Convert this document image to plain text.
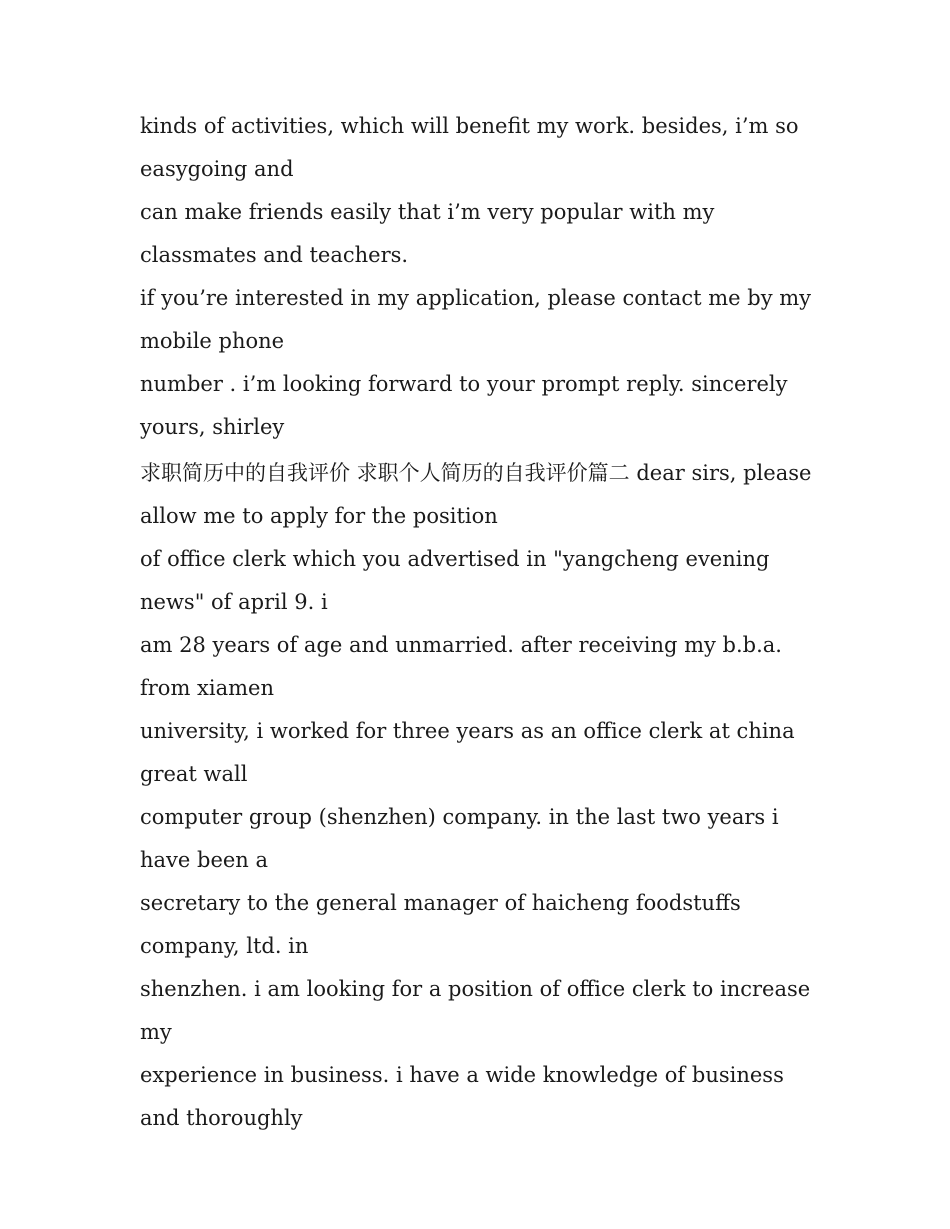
kinds of activities, which will benefit my work. besides, i’m so easygoing and

can make friends easily that i’m very popular with my classmates and teachers.

if you’re interested in my application, please contact me by my mobile phone

number . i’m looking forward to your prompt reply. sincerely yours, shirley

求职简历中的自我评价 求职个人简历的自我评价篇二 dear sirs, please allow me to apply for the position

of office clerk which you advertised in "yangcheng evening news" of april 9. i

am 28 years of age and unmarried. after receiving my b.b.a. from xiamen

university, i worked for three years as an office clerk at china great wall

computer group (shenzhen) company. in the last two years i have been a

secretary to the general manager of haicheng foodstuffs company, ltd. in

shenzhen. i am looking for a position of office clerk to increase my

experience in business. i have a wide knowledge of business and thoroughly
